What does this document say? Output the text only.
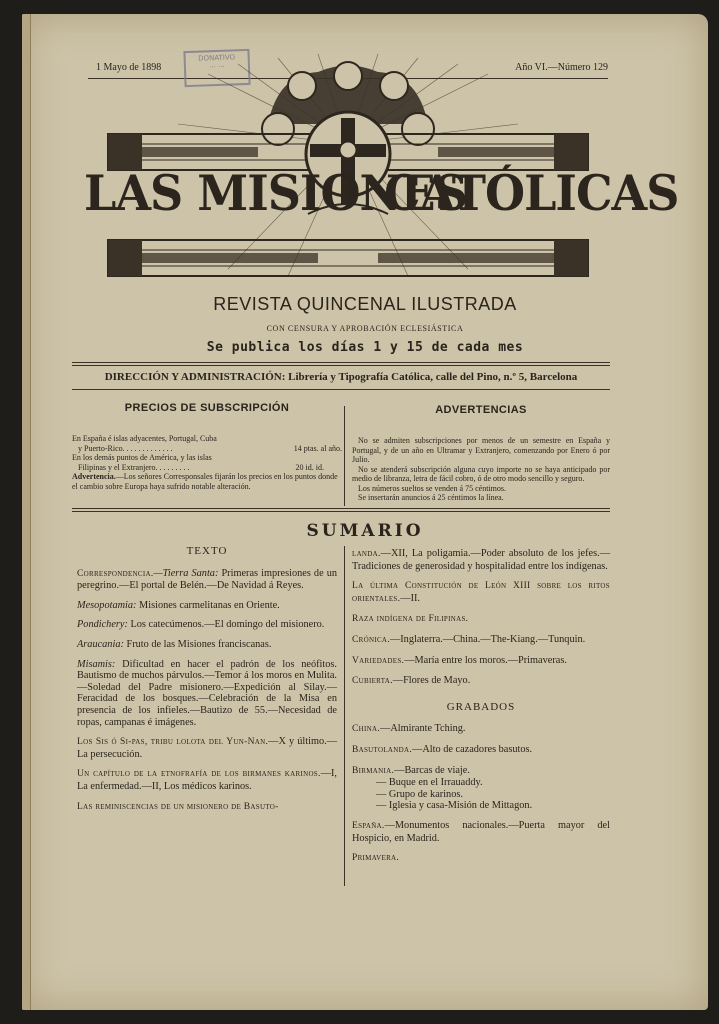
1 Mayo de 1898	Año VI.—Número 129
DONATIVO
··· ···
LAS MISIONES
CATÓLICAS
REVISTA QUINCENAL ILUSTRADA
CON CENSURA Y APROBACIÓN ECLESIÁSTICA
Se publica los días 1 y 15 de cada mes
DIRECCIÓN Y ADMINISTRACIÓN: Librería y Tipografía Católica, calle del Pino, n.º 5, Barcelona
PRECIOS DE SUBSCRIPCIÓN
En España é islas adyacentes, Portugal, Cuba
y Puerto-Rico. . . . . . . . . . . . .	14 ptas. al año.
En los demás puntos de América, y las islas
Filipinas y el Extranjero. . . . . . . . .	20 id. id.
Advertencia.—Los señores Corresponsales fijarán los precios en los puntos donde el cambio sobre Europa haya sufrido notable alteración.
ADVERTENCIAS
No se admiten subscripciones por menos de un semestre en España y Portugal, y de un año en Ultramar y Extranjero, comenzando por Enero ó por Julio.
No se atenderá subscripción alguna cuyo importe no se haya anticipado por medio de libranza, letra de fácil cobro, ó de otro modo sencillo y seguro.
Los números sueltos se venden á 75 céntimos.
Se insertarán anuncios á 25 céntimos la línea.
SUMARIO
TEXTO

Correspondencia.—Tierra Santa: Primeras impresiones de un peregrino.—El portal de Belén.—De Navidad á Reyes.

Mesopotamia: Misiones carmelitanas en Oriente.

Pondichery: Los catecúmenos.—El domingo del misionero.

Araucania: Fruto de las Misiones franciscanas.

Misamis: Dificultad en hacer el padrón de los neófitos. Bautismo de muchos párvulos.—Temor á los moros en Mulita.—Soledad del Padre misionero.—Expedición al Silay.—Feracidad de los bosques.—Celebración de la Misa en presencia de los infieles.—Bautizo de 55.—Necesidad de ropas, campanas é imágenes.

Los Sis ó Si-pas, tribu lolota del Yun-Nan.—X y último.—La persecución.

Un capítulo de la etnofrafía de los birmanes karinos.—I, La enfermedad.—II, Los médicos karinos.

Las reminiscencias de un misionero de Basuto-

landa.—XII, La poligamia.—Poder absoluto de los jefes.—Tradiciones de generosidad y hospitalidad entre los indígenas.

La última Constitución de León XIII sobre los ritos orientales.—II.

Raza indígena de Filipinas.

Crónica.—Inglaterra.—China.—The-Kiang.—Tunquin.

Variedades.—María entre los moros.—Primaveras.

Cubierta.—Flores de Mayo.

GRABADOS

China.—Almirante Tching.

Basutolanda.—Alto de cazadores basutos.

Birmania.—Barcas de viaje.

— Buque en el Irrauaddy.

— Grupo de karinos.

— Iglesia y casa-Misión de Mittagon.

España.—Monumentos nacionales.—Puerta mayor del Hospicio, en Madrid.

Primavera.
